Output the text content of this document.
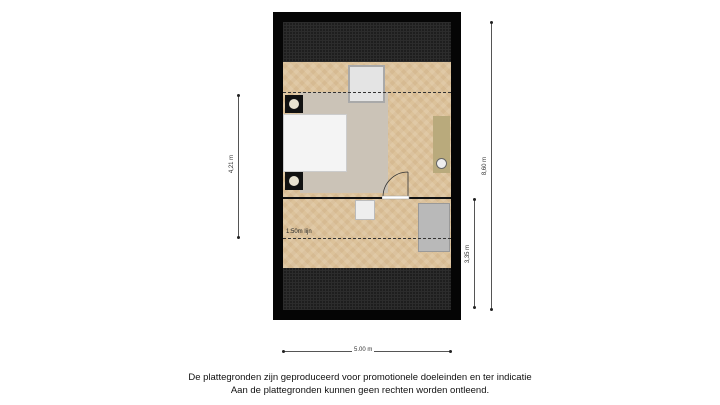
1:50m lijn
4,21 m	8,60 m
3,35 m
5.00 m
De plattegronden zijn geproduceerd voor promotionele doeleinden en ter indicatie
Aan de plattegronden kunnen geen rechten worden ontleend.
